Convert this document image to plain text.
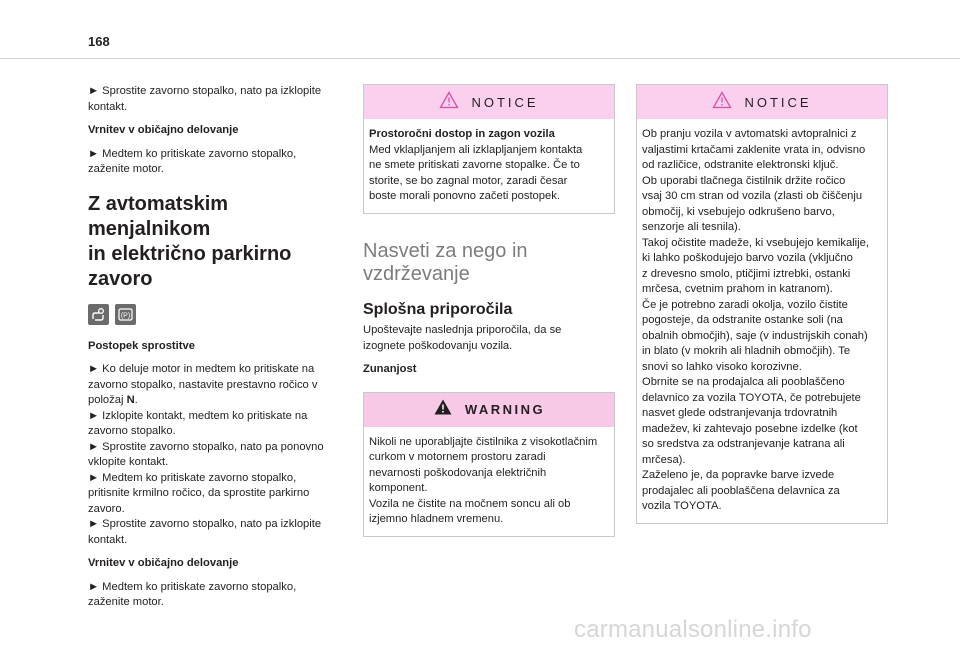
168

► Sprostite zavorno stopalko, nato pa izklopite
kontakt.

Vrnitev v običajno delovanje

► Medtem ko pritiskate zavorno stopalko,
zaženite motor.

Z avtomatskim menjalnikom
in električno parkirno
zavoro
(P)

Postopek sprostitve

► Ko deluje motor in medtem ko pritiskate na
zavorno stopalko, nastavite prestavno ročico v
položaj N.
► Izklopite kontakt, medtem ko pritiskate na
zavorno stopalko.
► Sprostite zavorno stopalko, nato pa ponovno
vklopite kontakt.
► Medtem ko pritiskate zavorno stopalko,
pritisnite krmilno ročico, da sprostite parkirno
zavoro.
► Sprostite zavorno stopalko, nato pa izklopite
kontakt.

Vrnitev v običajno delovanje

► Medtem ko pritiskate zavorno stopalko,
zaženite motor.

NOTICE

Prostoročni dostop in zagon vozila

Med vklapljanjem ali izklapljanjem kontakta
ne smete pritiskati zavorne stopalke. Če to
storite, se bo zagnal motor, zaradi česar
boste morali ponovno začeti postopek.

Nasveti za nego in
vzdrževanje

Splošna priporočila

Upoštevajte naslednja priporočila, da se
izognete poškodovanju vozila.

Zunanjost

WARNING

Nikoli ne uporabljajte čistilnika z visokotlačnim
curkom v motornem prostoru zaradi
nevarnosti poškodovanja električnih
komponent.
Vozila ne čistite na močnem soncu ali ob
izjemno hladnem vremenu.

NOTICE

Ob pranju vozila v avtomatski avtopralnici z
valjastimi krtačami zaklenite vrata in, odvisno
od različice, odstranite elektronski ključ.
Ob uporabi tlačnega čistilnik držite ročico
vsaj 30 cm stran od vozila (zlasti ob čiščenju
območij, ki vsebujejo odkrušeno barvo,
senzorje ali tesnila).
Takoj očistite madeže, ki vsebujejo kemikalije,
ki lahko poškodujejo barvo vozila (vključno
z drevesno smolo, ptičjimi iztrebki, ostanki
mrčesa, cvetnim prahom in katranom).
Če je potrebno zaradi okolja, vozilo čistite
pogosteje, da odstranite ostanke soli (na
obalnih območjih), saje (v industrijskih conah)
in blato (v mokrih ali hladnih območjih). Te
snovi so lahko visoko korozivne.
Obrnite se na prodajalca ali pooblaščeno
delavnico za vozila TOYOTA, če potrebujete
nasvet glede odstranjevanja trdovratnih
madežev, ki zahtevajo posebne izdelke (kot
so sredstva za odstranjevanje katrana ali
mrčesa).
Zaželeno je, da popravke barve izvede
prodajalec ali pooblaščena delavnica za
vozila TOYOTA.

carmanualsonline.info
